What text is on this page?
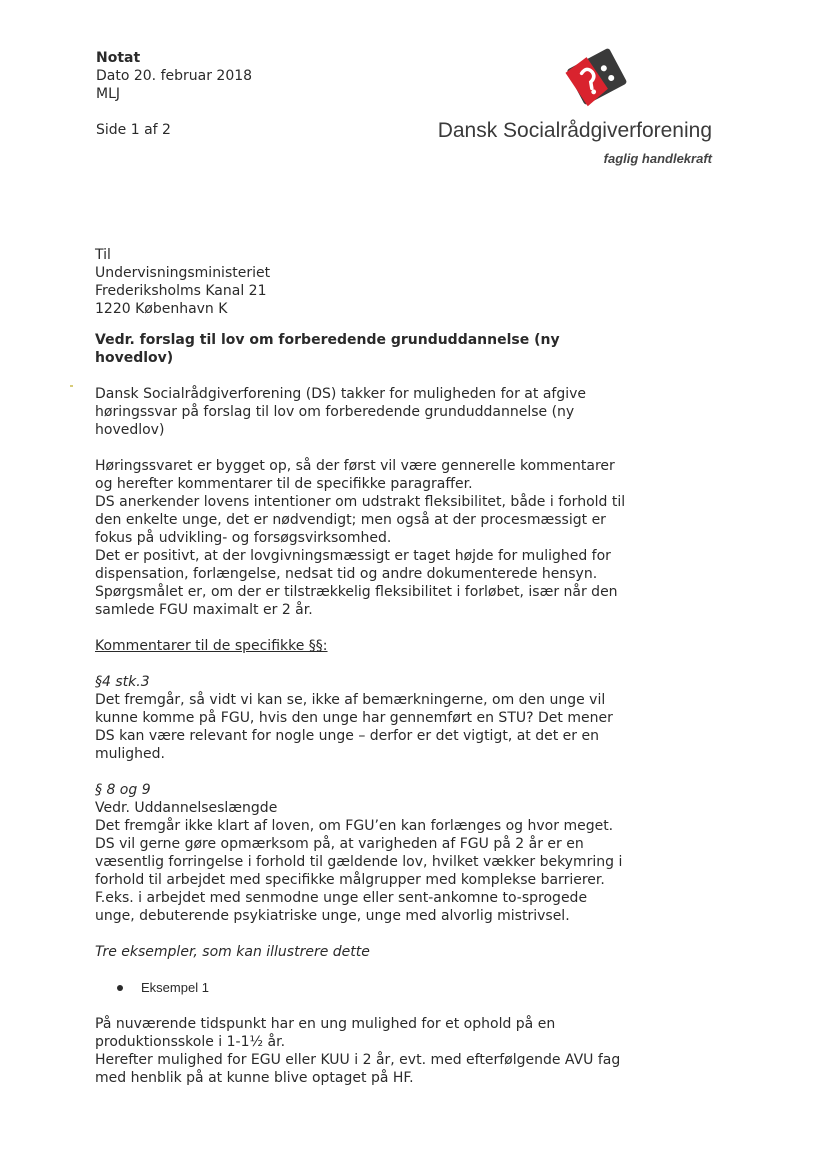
Notat
Dato 20. februar 2018
MLJ
Side 1 af 2	Dansk Socialrådgiverforening
faglig handlekraft
Til
Undervisningsministeriet
Frederiksholms Kanal 21
1220 København K

Vedr. forslag til lov om forberedende grunduddannelse (ny

hovedlov)

Dansk Socialrådgiverforening (DS) takker for muligheden for at afgive

høringssvar på forslag til lov om forberedende grunduddannelse (ny

hovedlov)

Høringssvaret er bygget op, så der først vil være gennerelle kommentarer

og herefter kommentarer til de specifikke paragraffer.

DS anerkender lovens intentioner om udstrakt fleksibilitet, både i forhold til

den enkelte unge, det er nødvendigt; men også at der procesmæssigt er

fokus på udvikling- og forsøgsvirksomhed.

Det er positivt, at der lovgivningsmæssigt er taget højde for mulighed for

dispensation, forlængelse, nedsat tid og andre dokumenterede hensyn.

Spørgsmålet er, om der er tilstrækkelig fleksibilitet i forløbet, især når den

samlede FGU maximalt er 2 år.

Kommentarer til de specifikke §§:

§4 stk.3

Det fremgår, så vidt vi kan se, ikke af bemærkningerne, om den unge vil

kunne komme på FGU, hvis den unge har gennemført en STU? Det mener

DS kan være relevant for nogle unge – derfor er det vigtigt, at det er en

mulighed.

§ 8 og 9

Vedr. Uddannelseslængde

Det fremgår ikke klart af loven, om FGU’en kan forlænges og hvor meget.

DS vil gerne gøre opmærksom på, at varigheden af FGU på 2 år er en

væsentlig forringelse i forhold til gældende lov, hvilket vækker bekymring i

forhold til arbejdet med specifikke målgrupper med komplekse barrierer.

F.eks. i arbejdet med senmodne unge eller sent-ankomne to-sprogede

unge, debuterende psykiatriske unge, unge med alvorlig mistrivsel.

Tre eksempler, som kan illustrere dette

Eksempel 1

På nuværende tidspunkt har en ung mulighed for et ophold på en

produktionsskole i 1-1½ år.

Herefter mulighed for EGU eller KUU i 2 år, evt. med efterfølgende AVU fag

med henblik på at kunne blive optaget på HF.
